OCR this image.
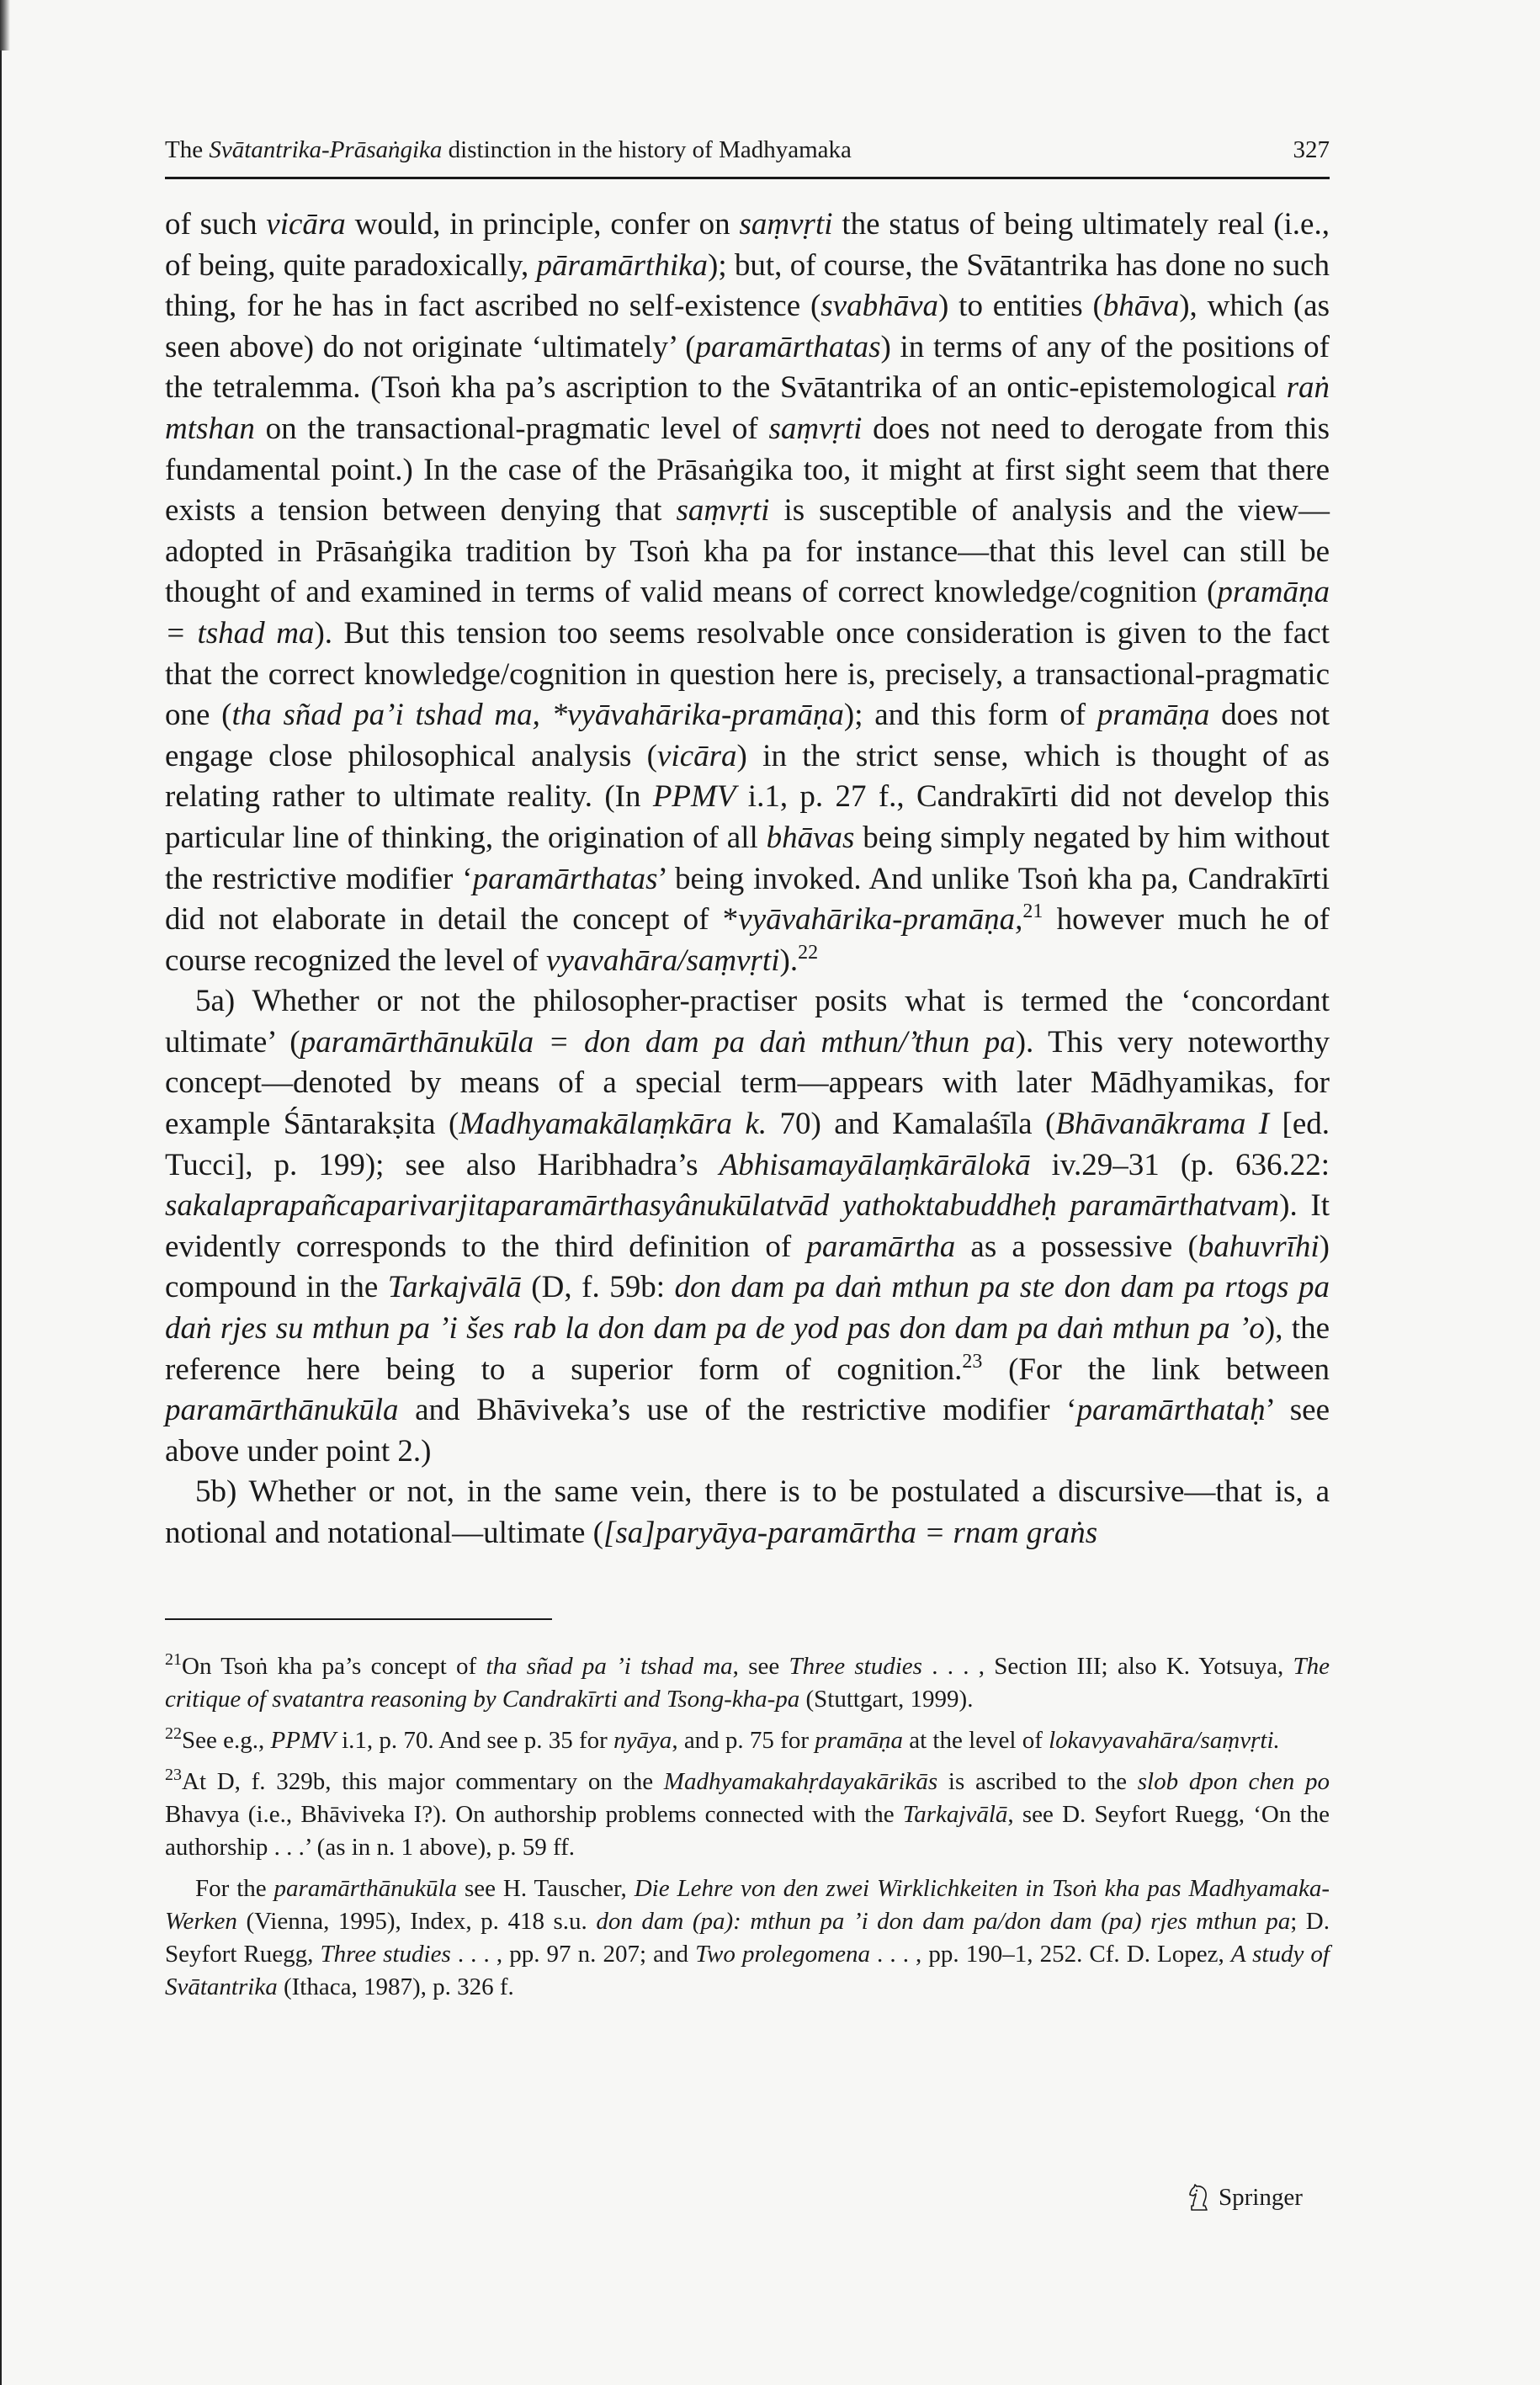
The Svātantrika-Prāsaṅgika distinction in the history of Madhyamaka	327

of such vicāra would, in principle, confer on saṃvṛti the status of being ultimately real (i.e., of being, quite paradoxically, pāramārthika); but, of course, the Svātantrika has done no such thing, for he has in fact ascribed no self-existence (svabhāva) to entities (bhāva), which (as seen above) do not originate ‘ultimately’ (paramārthatas) in terms of any of the positions of the tetralemma. (Tsoṅ kha pa’s ascription to the Svātantrika of an ontic-epistemological raṅ mtshan on the transactional-pragmatic level of saṃvṛti does not need to derogate from this fundamental point.) In the case of the Prāsaṅgika too, it might at first sight seem that there exists a tension between denying that saṃvṛti is susceptible of analysis and the view—adopted in Prāsaṅgika tradition by Tsoṅ kha pa for instance—that this level can still be thought of and examined in terms of valid means of correct knowledge/cognition (pramāṇa = tshad ma). But this tension too seems resolvable once consideration is given to the fact that the correct knowledge/cognition in question here is, precisely, a transactional-pragmatic one (tha sñad pa’i tshad ma, *vyāvahārika-pramāṇa); and this form of pramāṇa does not engage close philosophical analysis (vicāra) in the strict sense, which is thought of as relating rather to ultimate reality. (In PPMV i.1, p. 27 f., Candrakīrti did not develop this particular line of thinking, the origination of all bhāvas being simply negated by him without the restrictive modifier ‘paramārthatas’ being invoked. And unlike Tsoṅ kha pa, Candrakīrti did not elaborate in detail the concept of *vyāvahārika-pramāṇa,$^{21}$ however much he of course recognized the level of vyavahāra/saṃvṛti).$^{22}$

5a) Whether or not the philosopher-practiser posits what is termed the ‘concordant ultimate’ (paramārthānukūla = don dam pa daṅ mthun/’thun pa). This very noteworthy concept—denoted by means of a special term—appears with later Mādhyamikas, for example Śāntarakṣita (Madhyamakālaṃkāra k. 70) and Kamalaśīla (Bhāvanākrama I [ed. Tucci], p. 199); see also Haribhadra’s Abhisamayālaṃkārālokā iv.29–31 (p. 636.22: sakalaprapañcaparivarjitaparamārthasyânukūlatvād yathoktabuddheḥ paramārthatvam). It evidently corresponds to the third definition of paramārtha as a possessive (bahuvrīhi) compound in the Tarkajvālā (D, f. 59b: don dam pa daṅ mthun pa ste don dam pa rtogs pa daṅ rjes su mthun pa ’i šes rab la don dam pa de yod pas don dam pa daṅ mthun pa ’o), the reference here being to a superior form of cognition.$^{23}$ (For the link between paramārthānukūla and Bhāviveka’s use of the restrictive modifier ‘paramārthataḥ’ see above under point 2.)

5b) Whether or not, in the same vein, there is to be postulated a discursive—that is, a notional and notational—ultimate ([sa]paryāya-paramārtha = rnam graṅs

$^{21}$On Tsoṅ kha pa’s concept of tha sñad pa ’i tshad ma, see Three studies . . . , Section III; also K. Yotsuya, The critique of svatantra reasoning by Candrakīrti and Tsong-kha-pa (Stuttgart, 1999).

$^{22}$See e.g., PPMV i.1, p. 70. And see p. 35 for nyāya, and p. 75 for pramāṇa at the level of lokavyavahāra/saṃvṛti.

$^{23}$At D, f. 329b, this major commentary on the Madhyamakahṛdayakārikās is ascribed to the slob dpon chen po Bhavya (i.e., Bhāviveka I?). On authorship problems connected with the Tarkajvālā, see D. Seyfort Ruegg, ‘On the authorship . . .’ (as in n. 1 above), p. 59 ff.

For the paramārthānukūla see H. Tauscher, Die Lehre von den zwei Wirklichkeiten in Tsoṅ kha pas Madhyamaka-Werken (Vienna, 1995), Index, p. 418 s.u. don dam (pa): mthun pa ’i don dam pa/don dam (pa) rjes mthun pa; D. Seyfort Ruegg, Three studies . . . , pp. 97 n. 207; and Two prolegomena . . . , pp. 190–1, 252. Cf. D. Lopez, A study of Svātantrika (Ithaca, 1987), p. 326 f.

Springer
